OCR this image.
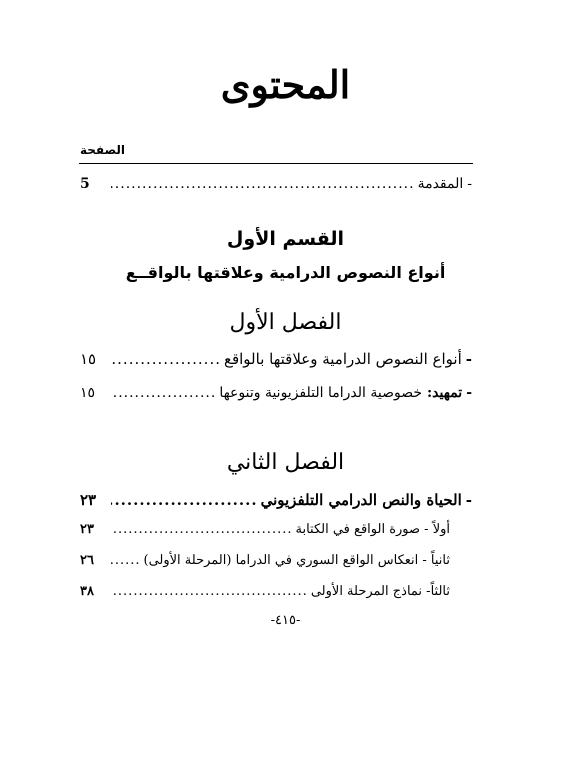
المحتوى
الصفحة
-
المقدمة
.....
5
القسم الأول
أنواع النصوص الدرامية وعلاقتها بالواقــع
الفصل الأول
-
أنواع النصوص الدرامية وعلاقتها بالواقع
.....
١٥
-
تمهيد:
خصوصية الدراما التلفزيونية وتنوعها
.....
١٥
الفصل الثاني
-
الحياة والنص الدرامي التلفزيوني
.....
٢٣
أولاً - صورة الواقع في الكتابة
.....
٢٣
ثانياً - انعكاس الواقع السوري في الدراما (المرحلة الأولى)
.....
٢٦
ثالثاً- نماذج المرحلة الأولى
.....
٣٨
-٤١٥-
